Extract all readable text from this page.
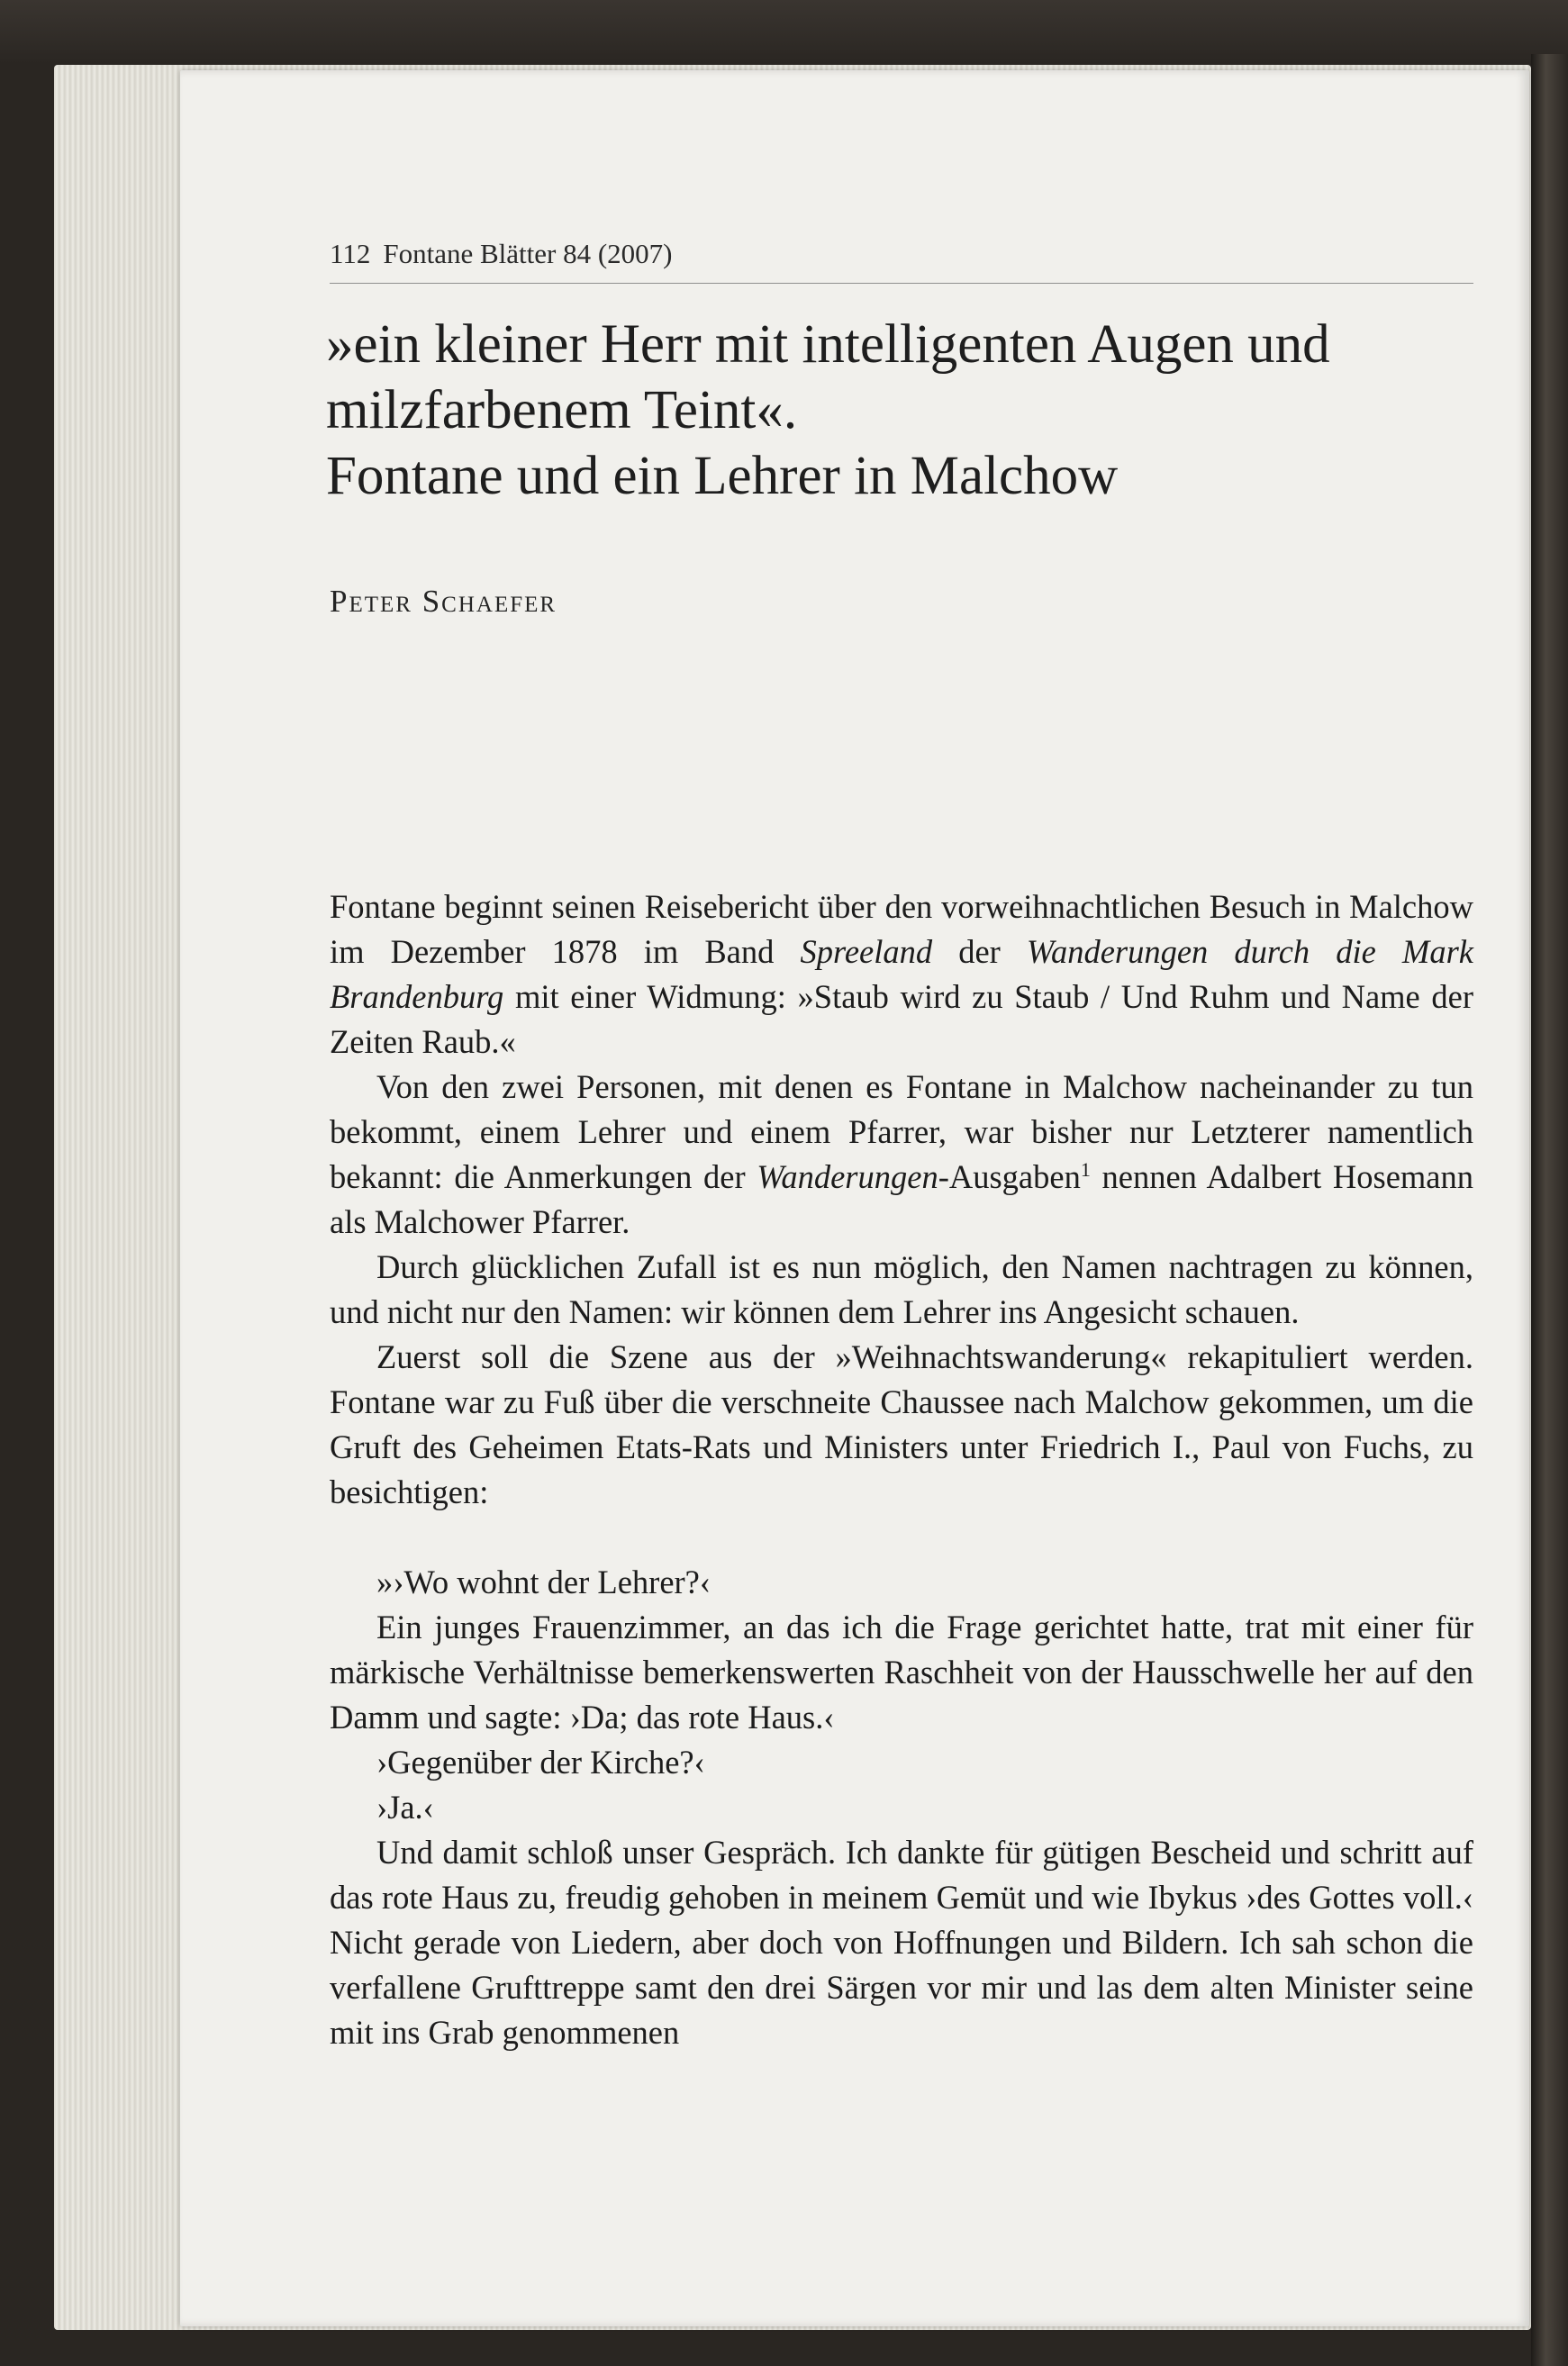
112 Fontane Blätter 84 (2007)
»ein kleiner Herr mit intelligenten Augen und
milzfarbenem Teint«.
Fontane und ein Lehrer in Malchow
Peter Schaefer

Fontane beginnt seinen Reisebericht über den vorweihnachtlichen Besuch in Malchow im Dezember 1878 im Band Spreeland der Wanderungen durch die Mark Brandenburg mit einer Widmung: »Staub wird zu Staub / Und Ruhm und Name der Zeiten Raub.«

Von den zwei Personen, mit denen es Fontane in Malchow nacheinander zu tun bekommt, einem Lehrer und einem Pfarrer, war bisher nur Letzterer namentlich bekannt: die Anmerkungen der Wanderungen-Ausgaben$^1$ nennen Adalbert Hosemann als Malchower Pfarrer.

Durch glücklichen Zufall ist es nun möglich, den Namen nachtragen zu können, und nicht nur den Namen: wir können dem Lehrer ins Angesicht schauen.

Zuerst soll die Szene aus der »Weihnachtswanderung« rekapituliert werden. Fontane war zu Fuß über die verschneite Chaussee nach Malchow gekommen, um die Gruft des Geheimen Etats-Rats und Ministers unter Friedrich I., Paul von Fuchs, zu besichtigen:

»›Wo wohnt der Lehrer?‹

Ein junges Frauenzimmer, an das ich die Frage gerichtet hatte, trat mit einer für märkische Verhältnisse bemerkenswerten Raschheit von der Hausschwelle her auf den Damm und sagte: ›Da; das rote Haus.‹

›Gegenüber der Kirche?‹

›Ja.‹

Und damit schloß unser Gespräch. Ich dankte für gütigen Bescheid und schritt auf das rote Haus zu, freudig gehoben in meinem Gemüt und wie Ibykus ›des Gottes voll.‹ Nicht gerade von Liedern, aber doch von Hoffnungen und Bildern. Ich sah schon die verfallene Grufttreppe samt den drei Särgen vor mir und las dem alten Minister seine mit ins Grab genommenen
